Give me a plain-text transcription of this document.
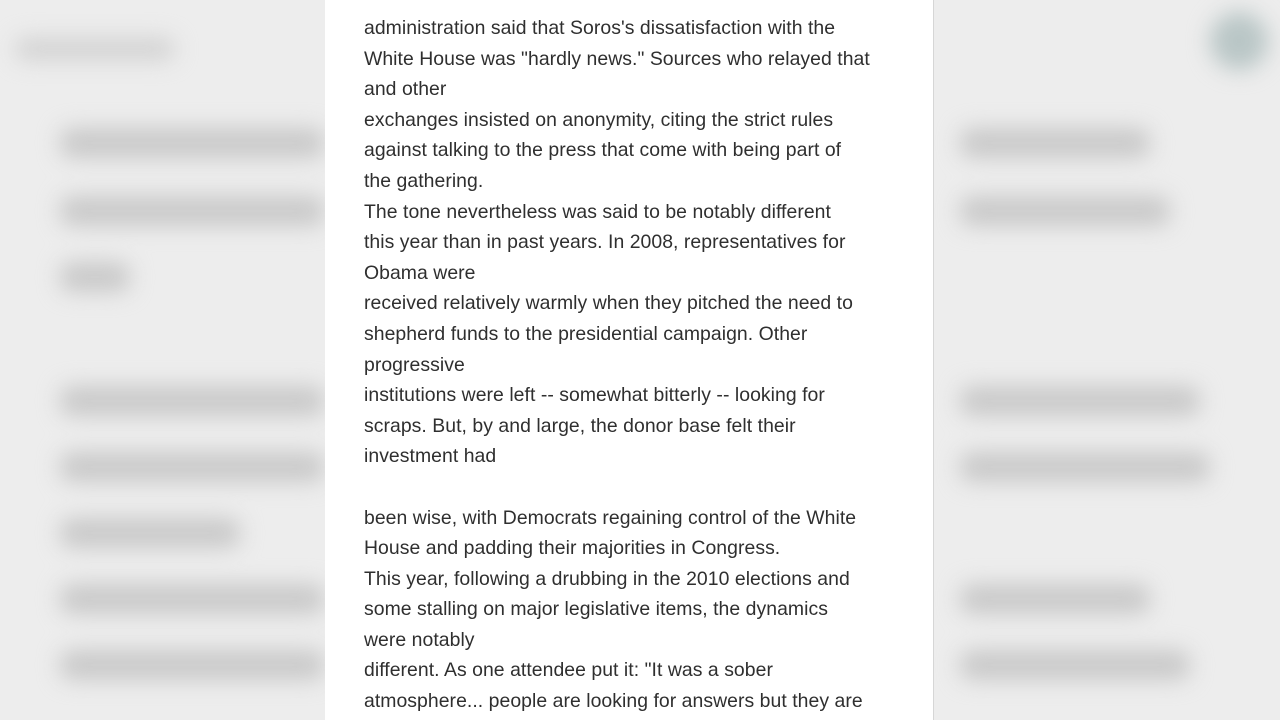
administration said that Soros's dissatisfaction with the
White House was "hardly news." Sources who relayed that
and other
exchanges insisted on anonymity, citing the strict rules
against talking to the press that come with being part of
the gathering.
The tone nevertheless was said to be notably different
this year than in past years. In 2008, representatives for
Obama were
received relatively warmly when they pitched the need to
shepherd funds to the presidential campaign. Other
progressive
institutions were left -- somewhat bitterly -- looking for
scraps. But, by and large, the donor base felt their
investment had
been wise, with Democrats regaining control of the White
House and padding their majorities in Congress.
This year, following a drubbing in the 2010 elections and
some stalling on major legislative items, the dynamics
were notably
different. As one attendee put it: "It was a sober
atmosphere... people are looking for answers but they are
